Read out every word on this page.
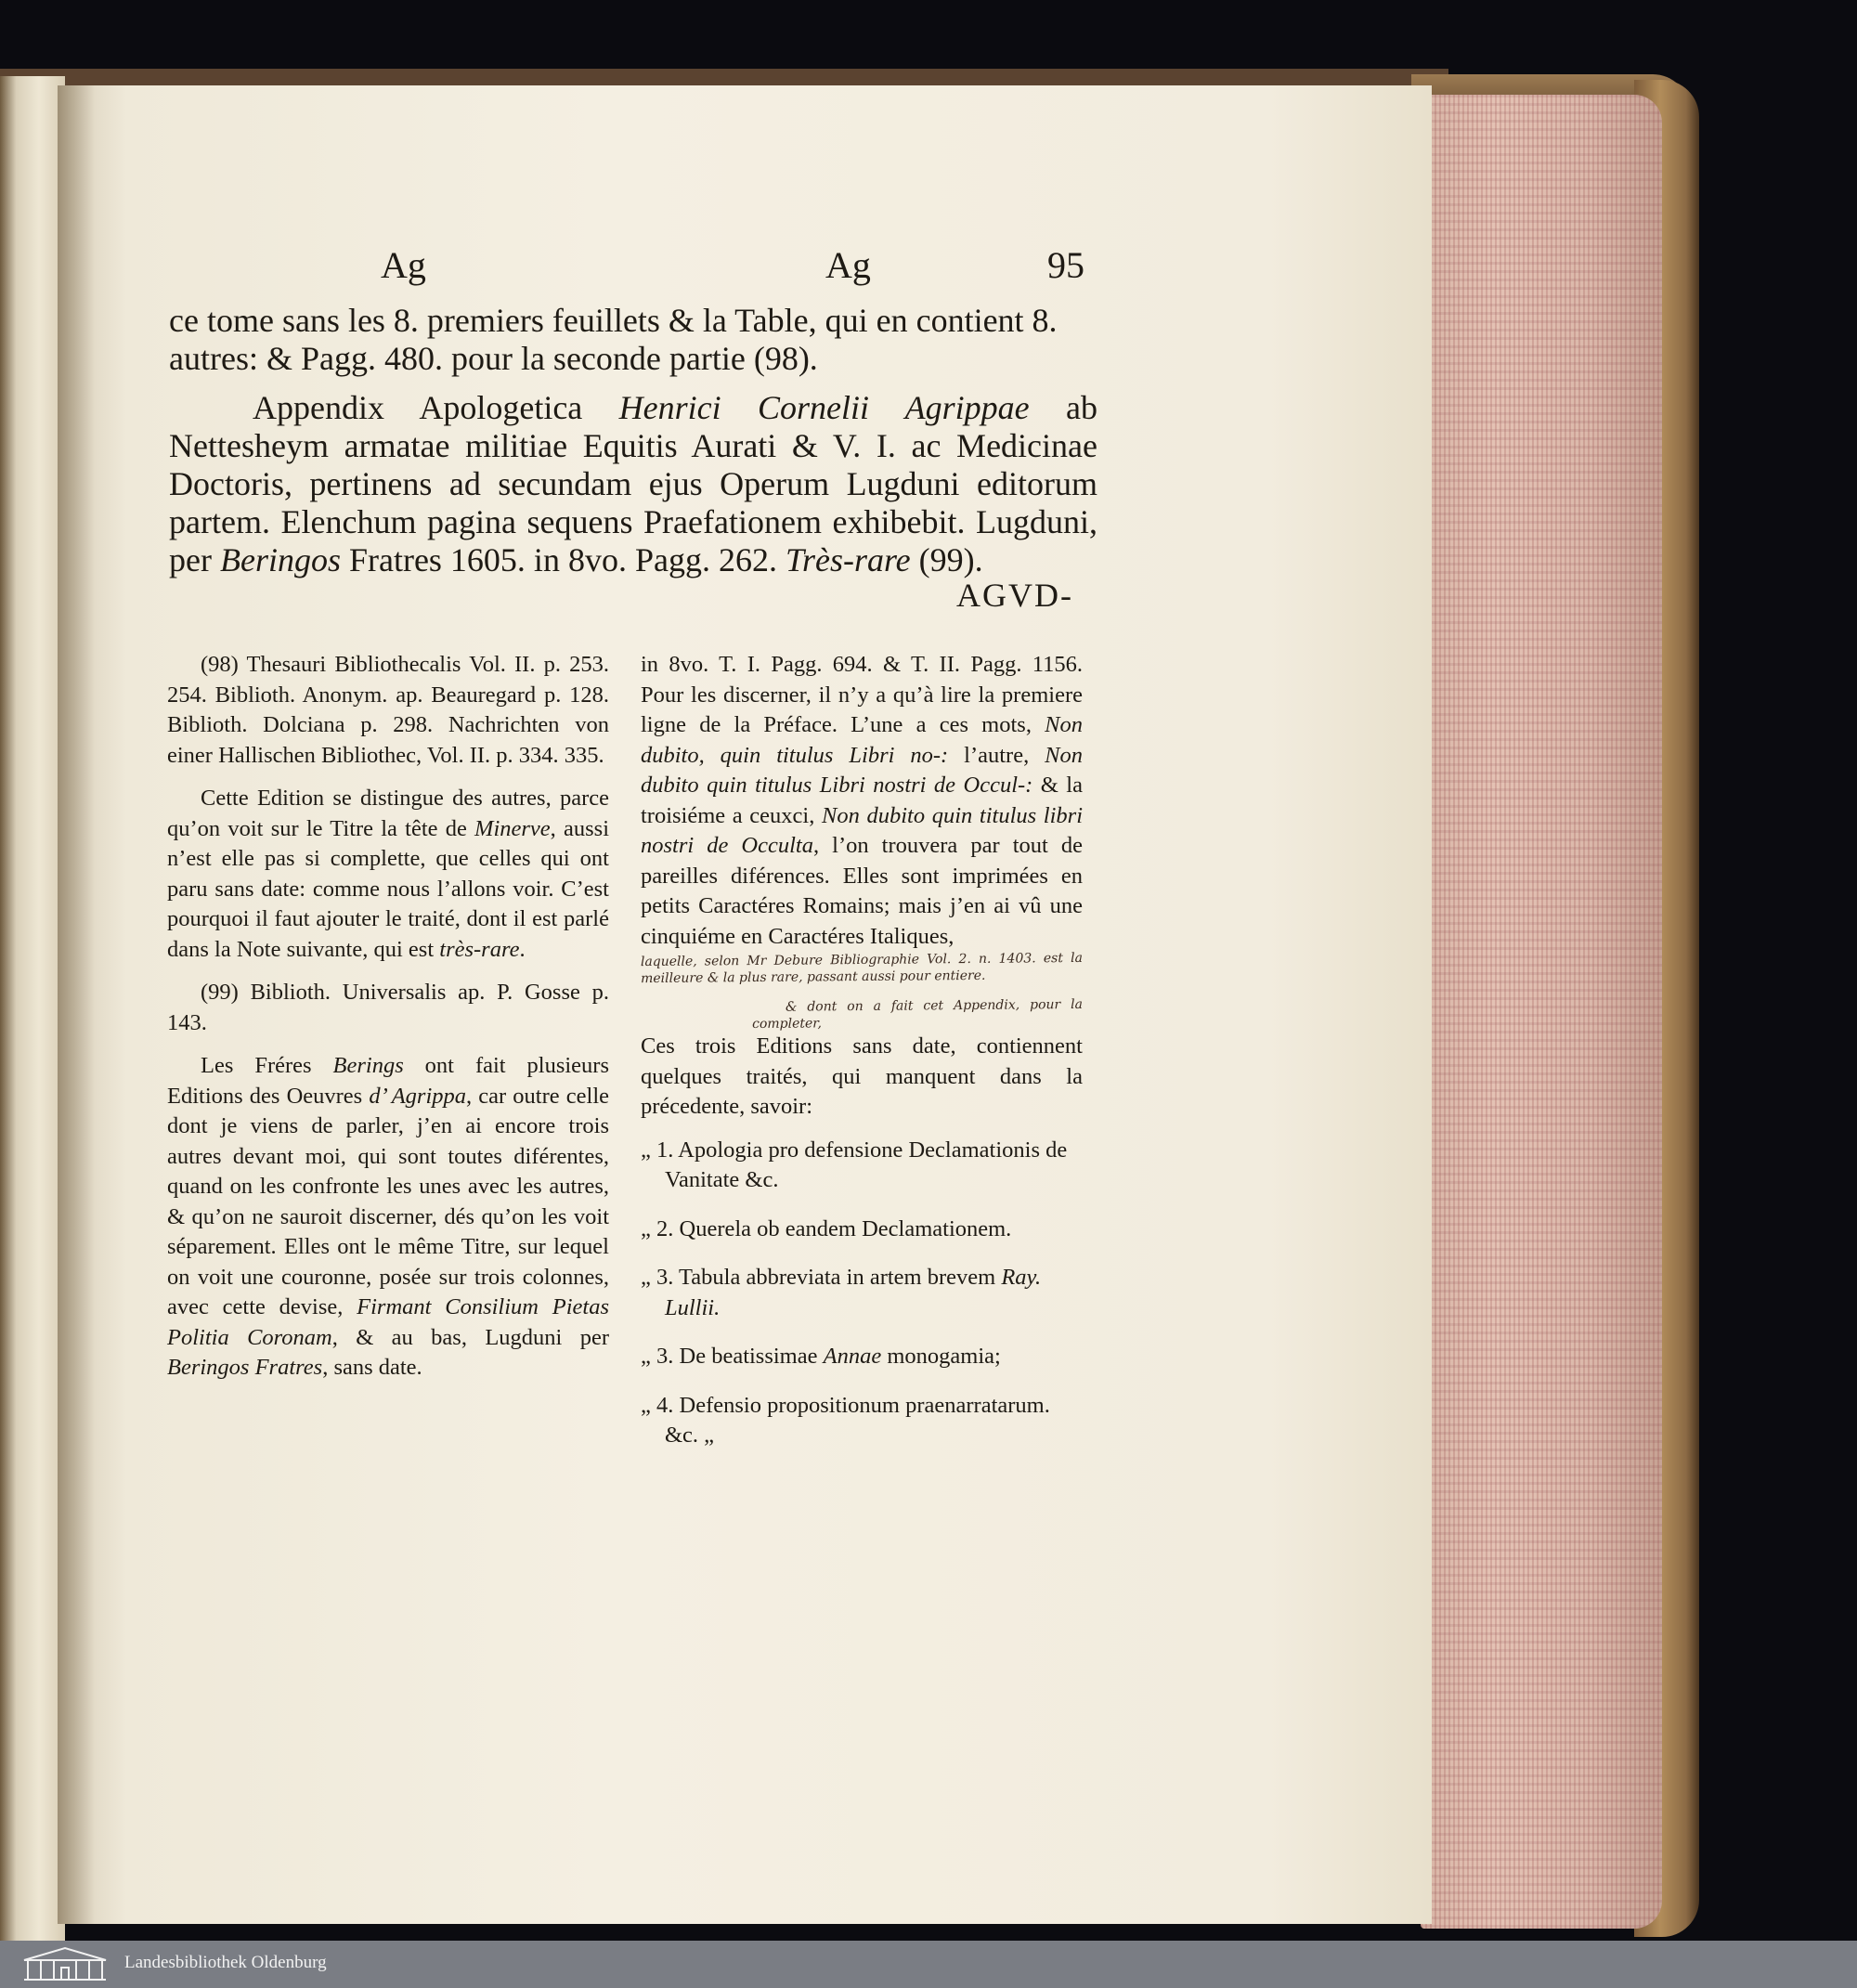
Ag	Ag	95

ce tome sans les 8. premiers feuillets & la Table, qui en contient 8.

autres: & Pagg. 480. pour la seconde partie (98).

Appendix Apologetica Henrici Cornelii Agrippae ab Nettesheym armatae militiae Equitis Aurati & V. I. ac Medicinae Doctoris, pertinens ad secundam ejus Operum Lugduni editorum partem. Elenchum pagina sequens Praefationem exhibebit. Lugduni, per Beringos Fratres 1605. in 8vo. Pagg. 262. Très-rare (99).

AGVD-

(98) Thesauri Bibliothecalis Vol. II. p. 253. 254. Biblioth. Anonym. ap. Beauregard p. 128. Biblioth. Dolciana p. 298. Nachrichten von einer Hallischen Bibliothec, Vol. II. p. 334. 335.

Cette Edition se distingue des autres, parce qu’on voit sur le Titre la tête de Minerve, aussi n’est elle pas si complette, que celles qui ont paru sans date: comme nous l’allons voir. C’est pourquoi il faut ajouter le traité, dont il est parlé dans la Note suivante, qui est très-rare.

(99) Biblioth. Universalis ap. P. Gosse p. 143.

Les Fréres Berings ont fait plusieurs Editions des Oeuvres d’ Agrippa, car outre celle dont je viens de parler, j’en ai encore trois autres devant moi, qui sont toutes diférentes, quand on les confronte les unes avec les autres, & qu’on ne sauroit discerner, dés qu’on les voit séparement. Elles ont le même Titre, sur lequel on voit une couronne, posée sur trois colonnes, avec cette devise, Firmant Consilium Pietas Politia Coronam, & au bas, Lugduni per Beringos Fratres, sans date.

in 8vo. T. I. Pagg. 694. & T. II. Pagg. 1156. Pour les discerner, il n’y a qu’à lire la premiere ligne de la Préface. L’une a ces mots, Non dubito, quin titulus Libri no-: l’autre, Non dubito quin titulus Libri nostri de Occul-: & la troisiéme a ceuxci, Non dubito quin titulus libri nostri de Occulta, l’on trouvera par tout de pareilles diférences. Elles sont imprimées en petits Caractéres Romains; mais j’en ai vû une cinquiéme en Caractéres Italiques,
laquelle, selon Mr Debure Bibliographie Vol. 2. n. 1403. est la meilleure & la plus rare, passant aussi pour entiere.

& dont on a fait cet Appendix, pour la completer,
Ces trois Editions sans date, contiennent quelques traités, qui manquent dans la précedente, savoir:

„ 1. Apologia pro defensione Declamationis de Vanitate &c.

„ 2. Querela ob eandem Declamationem.

„ 3. Tabula abbreviata in artem brevem Ray. Lullii.

„ 3. De beatissimae Annae monogamia;

„ 4. Defensio propositionum praenarratarum. &c. „

Landesbibliothek Oldenburg
